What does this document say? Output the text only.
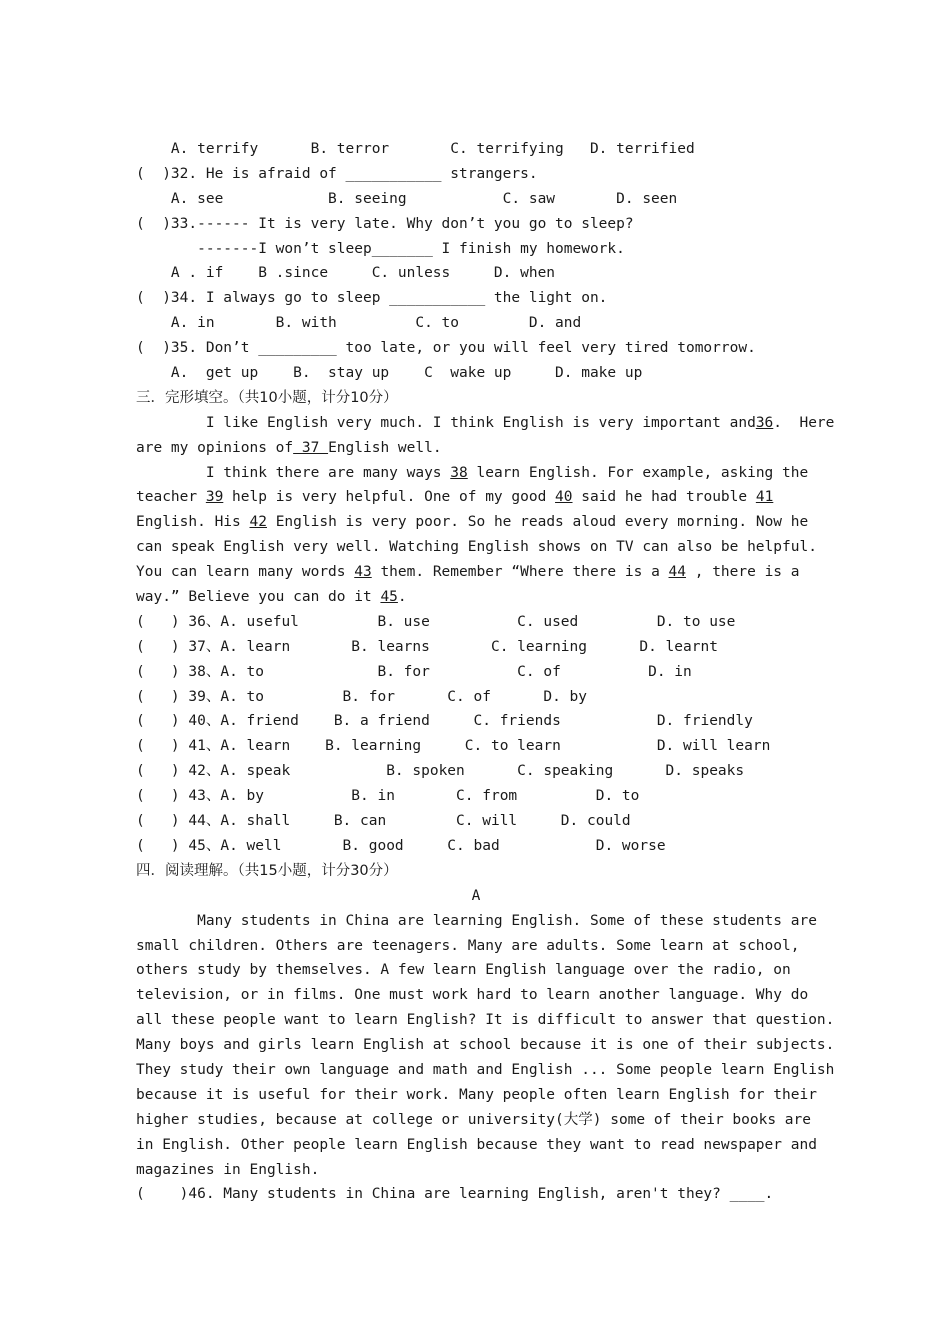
A. terrify      B. terror       C. terrifying   D. terrified
(  )32. He is afraid of ___________ strangers.
A. see            B. seeing           C. saw       D. seen
(  )33.------ It is very late. Why don’t you go to sleep?
-------I won’t sleep_______ I finish my homework.
A . if    B .since     C. unless     D. when
(  )34. I always go to sleep ___________ the light on.
A. in       B. with         C. to        D. and
(  )35. Don’t _________ too late, or you will feel very tired tomorrow.
A.  get up    B.  stay up    C  wake up     D. make up
三．完形填空。（共10小题，计分10分）
I like English very much. I think English is very important and36.  Here
are my opinions of 37 English well.
I think there are many ways 38 learn English. For example, asking the
teacher 39 help is very helpful. One of my good 40 said he had trouble 41
English. His 42 English is very poor. So he reads aloud every morning. Now he
can speak English very well. Watching English shows on TV can also be helpful.
You can learn many words 43 them. Remember “Where there is a 44 , there is a
way.” Believe you can do it 45.
(   ) 36、A. useful         B. use          C. used         D. to use
(   ) 37、A. learn       B. learns       C. learning      D. learnt
(   ) 38、A. to             B. for          C. of          D. in
(   ) 39、A. to         B. for      C. of      D. by
(   ) 40、A. friend    B. a friend     C. friends           D. friendly
(   ) 41、A. learn    B. learning     C. to learn           D. will learn
(   ) 42、A. speak           B. spoken      C. speaking      D. speaks
(   ) 43、A. by          B. in       C. from         D. to
(   ) 44、A. shall     B. can        C. will     D. could
(   ) 45、A. well       B. good     C. bad           D. worse
四．阅读理解。（共15小题，计分30分）
A
Many students in China are learning English. Some of these students are
small children. Others are teenagers. Many are adults. Some learn at school,
others study by themselves. A few learn English language over the radio, on
television, or in films. One must work hard to learn another language. Why do
all these people want to learn English? It is difficult to answer that question.
Many boys and girls learn English at school because it is one of their subjects.
They study their own language and math and English ... Some people learn English
because it is useful for their work. Many people often learn English for their
higher studies, because at college or university(大学) some of their books are
in English. Other people learn English because they want to read newspaper and
magazines in English.
(    )46. Many students in China are learning English, aren't they? ____.
